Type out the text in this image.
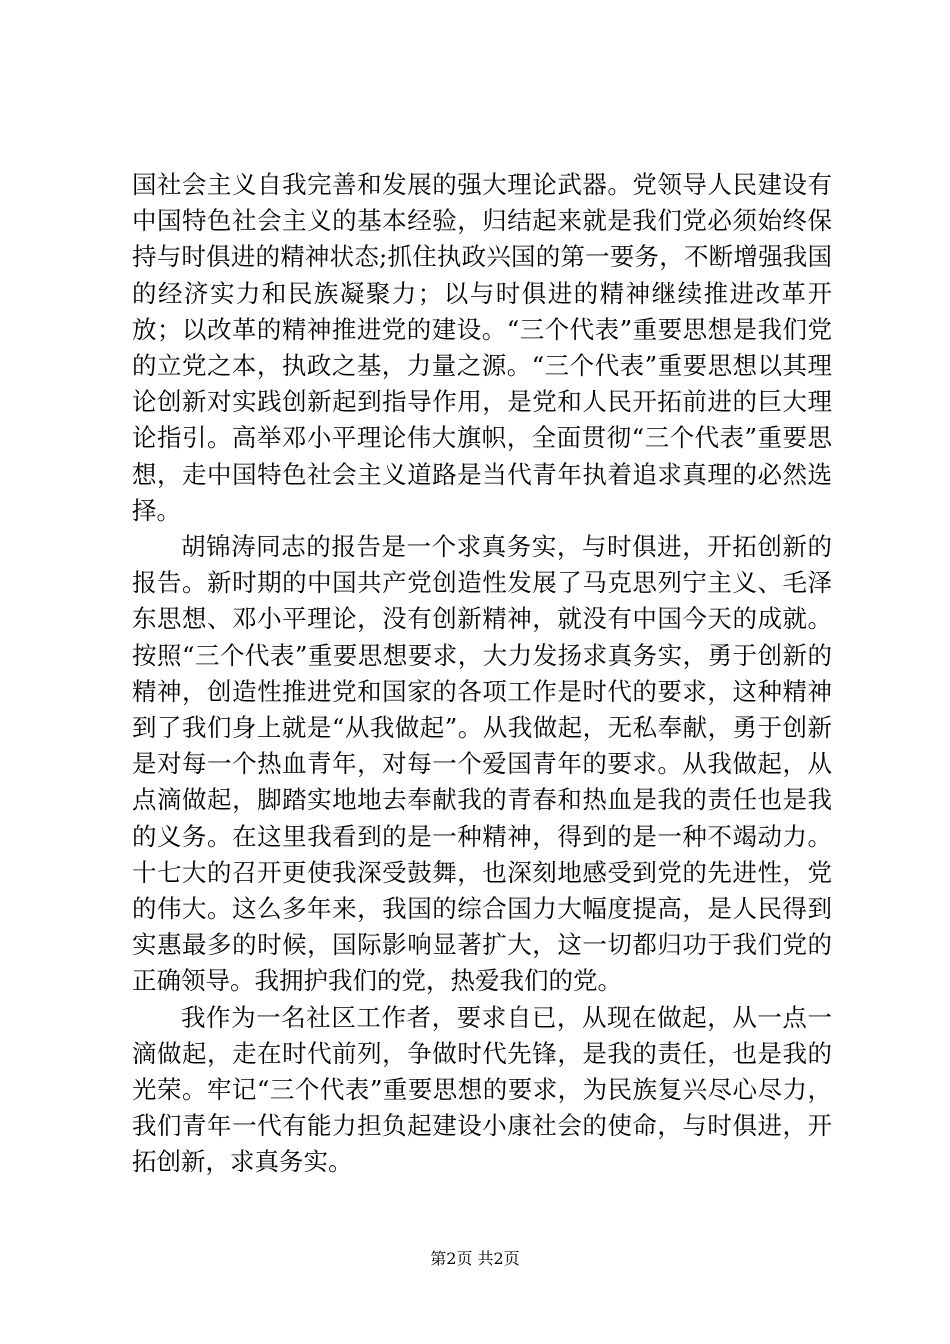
国社会主义自我完善和发展的强大理论武器。党领导人民建设有中国特色社会主义的基本经验，归结起来就是我们党必须始终保持与时俱进的精神状态;抓住执政兴国的第一要务，不断增强我国的经济实力和民族凝聚力；以与时俱进的精神继续推进改革开放；以改革的精神推进党的建设。“三个代表”重要思想是我们党的立党之本，执政之基，力量之源。“三个代表”重要思想以其理论创新对实践创新起到指导作用，是党和人民开拓前进的巨大理论指引。高举邓小平理论伟大旗帜，全面贯彻“三个代表”重要思想，走中国特色社会主义道路是当代青年执着追求真理的必然选择。

胡锦涛同志的报告是一个求真务实，与时俱进，开拓创新的报告。新时期的中国共产党创造性发展了马克思列宁主义、毛泽东思想、邓小平理论，没有创新精神，就没有中国今天的成就。按照“三个代表”重要思想要求，大力发扬求真务实，勇于创新的精神，创造性推进党和国家的各项工作是时代的要求，这种精神到了我们身上就是“从我做起”。从我做起，无私奉献，勇于创新是对每一个热血青年，对每一个爱国青年的要求。从我做起，从点滴做起，脚踏实地地去奉献我的青春和热血是我的责任也是我的义务。在这里我看到的是一种精神，得到的是一种不竭动力。十七大的召开更使我深受鼓舞，也深刻地感受到党的先进性，党的伟大。这么多年来，我国的综合国力大幅度提高，是人民得到实惠最多的时候，国际影响显著扩大，这一切都归功于我们党的正确领导。我拥护我们的党，热爱我们的党。

我作为一名社区工作者，要求自已，从现在做起，从一点一滴做起，走在时代前列，争做时代先锋，是我的责任，也是我的光荣。牢记“三个代表”重要思想的要求，为民族复兴尽心尽力，我们青年一代有能力担负起建设小康社会的使命，与时俱进，开拓创新，求真务实。

第2页 共2页
